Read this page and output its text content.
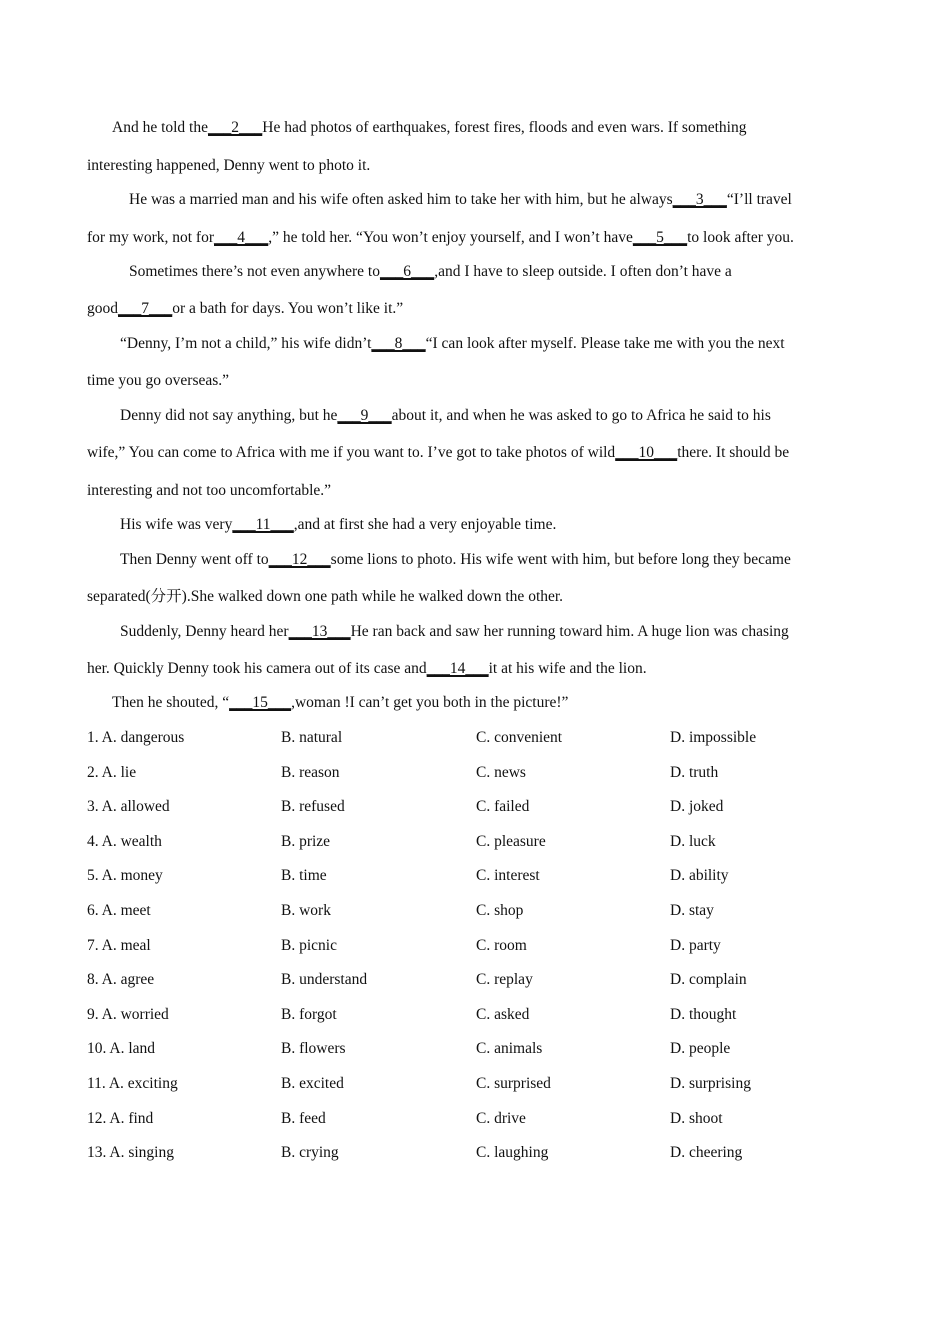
And he told the___2___He had photos of earthquakes, forest fires, floods and even wars. If something
interesting happened, Denny went to photo it.
He was a married man and his wife often asked him to take her with him, but he always___3___“I’ll travel
for my work, not for___4___,” he told her. “You won’t enjoy yourself, and I won’t have___5___to look after you.
Sometimes there’s not even anywhere to___6___,and I have to sleep outside. I often don’t have a
good___7___or a bath for days. You won’t like it.”
“Denny, I’m not a child,” his wife didn’t___8___“I can look after myself. Please take me with you the next
time you go overseas.”
Denny did not say anything, but he___9___about it, and when he was asked to go to Africa he said to his
wife,” You can come to Africa with me if you want to. I’ve got to take photos of wild___10___there. It should be
interesting and not too uncomfortable.”
His wife was very___11___,and at first she had a very enjoyable time.
Then Denny went off to___12___some lions to photo. His wife went with him, but before long they became
separated(分开).She walked down one path while he walked down the other.
Suddenly, Denny heard her___13___He ran back and saw her running toward him. A huge lion was chasing
her. Quickly Denny took his camera out of its case and___14___it at his wife and the lion.
Then he shouted, “___15___,woman !I can’t get you both in the picture!”
1. A. dangerous	B. natural	C. convenient	D. impossible
2. A. lie	B. reason	C. news	D. truth
3. A. allowed	B. refused	C. failed	D. joked
4. A. wealth	B. prize	C. pleasure	D. luck
5. A. money	B. time	C. interest	D. ability
6. A. meet	B. work	C. shop	D. stay
7. A. meal	B. picnic	C. room	D. party
8. A. agree	B. understand	C. replay	D. complain
9. A. worried	B. forgot	C. asked	D. thought
10. A. land	B. flowers	C. animals	D. people
11. A. exciting	B. excited	C. surprised	D. surprising
12. A. find	B. feed	C. drive	D. shoot
13. A. singing	B. crying	C. laughing	D. cheering
